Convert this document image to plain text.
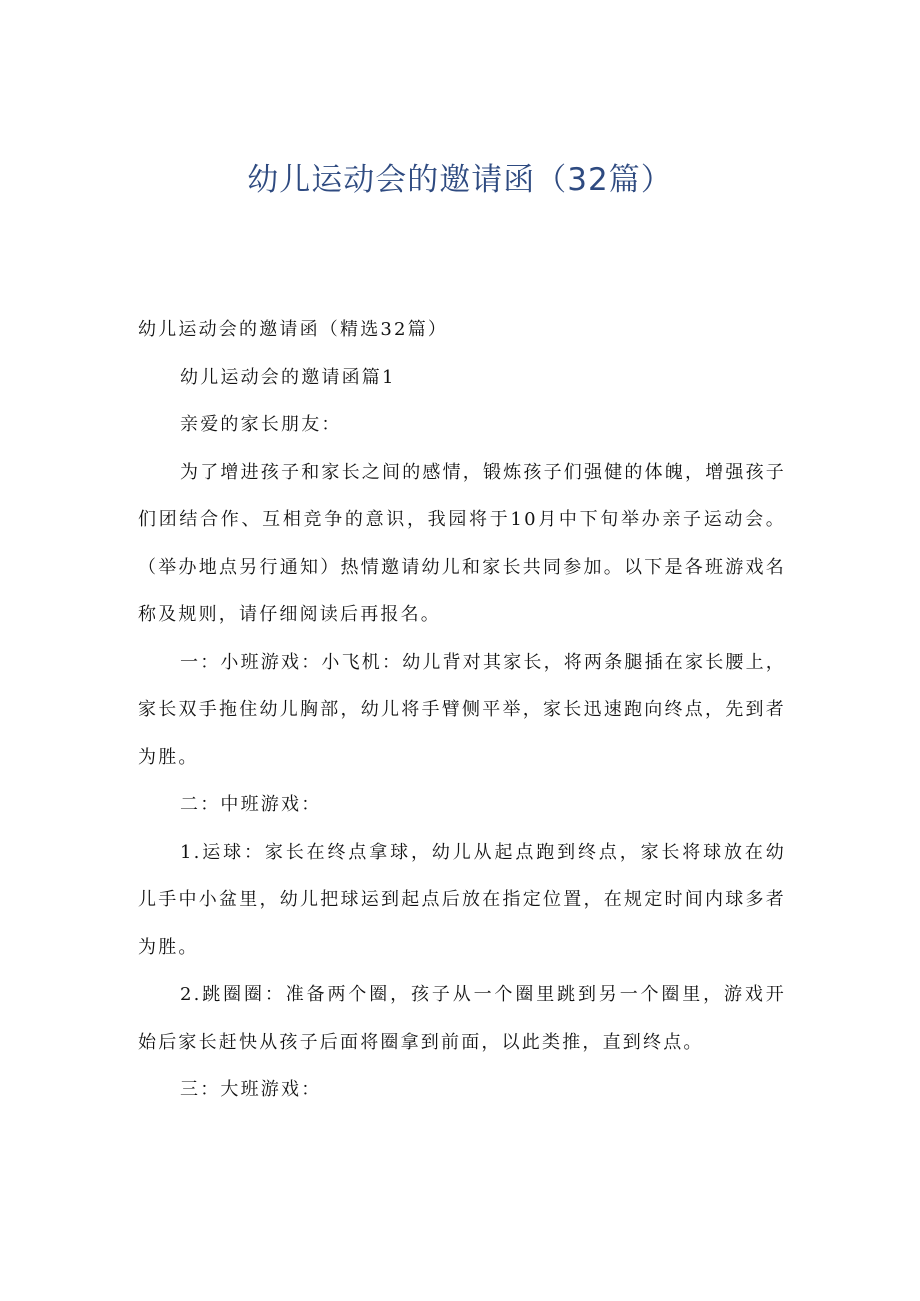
幼儿运动会的邀请函（32篇）

幼儿运动会的邀请函（精选32篇）

幼儿运动会的邀请函篇1

亲爱的家长朋友：

为了增进孩子和家长之间的感情，锻炼孩子们强健的体魄，增强孩子们团结合作、互相竞争的意识，我园将于10月中下旬举办亲子运动会。（举办地点另行通知）热情邀请幼儿和家长共同参加。以下是各班游戏名称及规则，请仔细阅读后再报名。

一：小班游戏：小飞机：幼儿背对其家长，将两条腿插在家长腰上，家长双手拖住幼儿胸部，幼儿将手臂侧平举，家长迅速跑向终点，先到者为胜。

二：中班游戏：

1.运球：家长在终点拿球，幼儿从起点跑到终点，家长将球放在幼儿手中小盆里，幼儿把球运到起点后放在指定位置，在规定时间内球多者为胜。

2.跳圈圈：准备两个圈，孩子从一个圈里跳到另一个圈里，游戏开始后家长赶快从孩子后面将圈拿到前面，以此类推，直到终点。

三：大班游戏：
